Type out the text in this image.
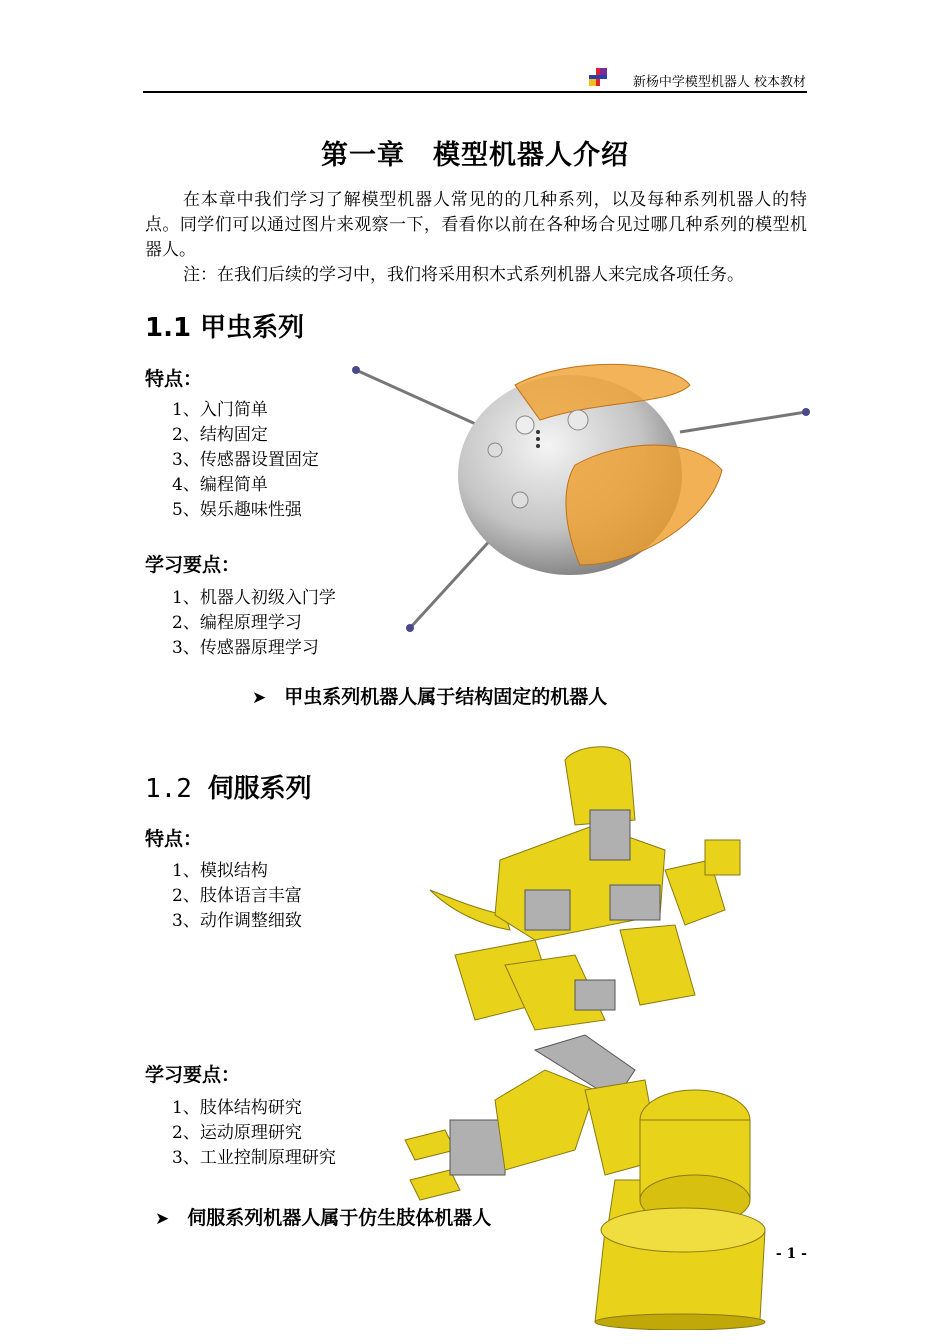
新杨中学模型机器人 校本教材
第一章　模型机器人介绍
在本章中我们学习了解模型机器人常见的的几种系列，以及每种系列机器人的特点。同学们可以通过图片来观察一下，看看你以前在各种场合见过哪几种系列的模型机器人。
注：在我们后续的学习中，我们将采用积木式系列机器人来完成各项任务。
1.1 甲虫系列
特点：
1、入门简单
2、结构固定
3、传感器设置固定
4、编程简单
5、娱乐趣味性强
学习要点：
1、机器人初级入门学
2、编程原理学习
3、传感器原理学习
➤ 甲虫系列机器人属于结构固定的机器人
1.2 伺服系列
特点：
1、模拟结构
2、肢体语言丰富
3、动作调整细致
学习要点：
1、肢体结构研究
2、运动原理研究
3、工业控制原理研究
➤ 伺服系列机器人属于仿生肢体机器人
- 1 -
